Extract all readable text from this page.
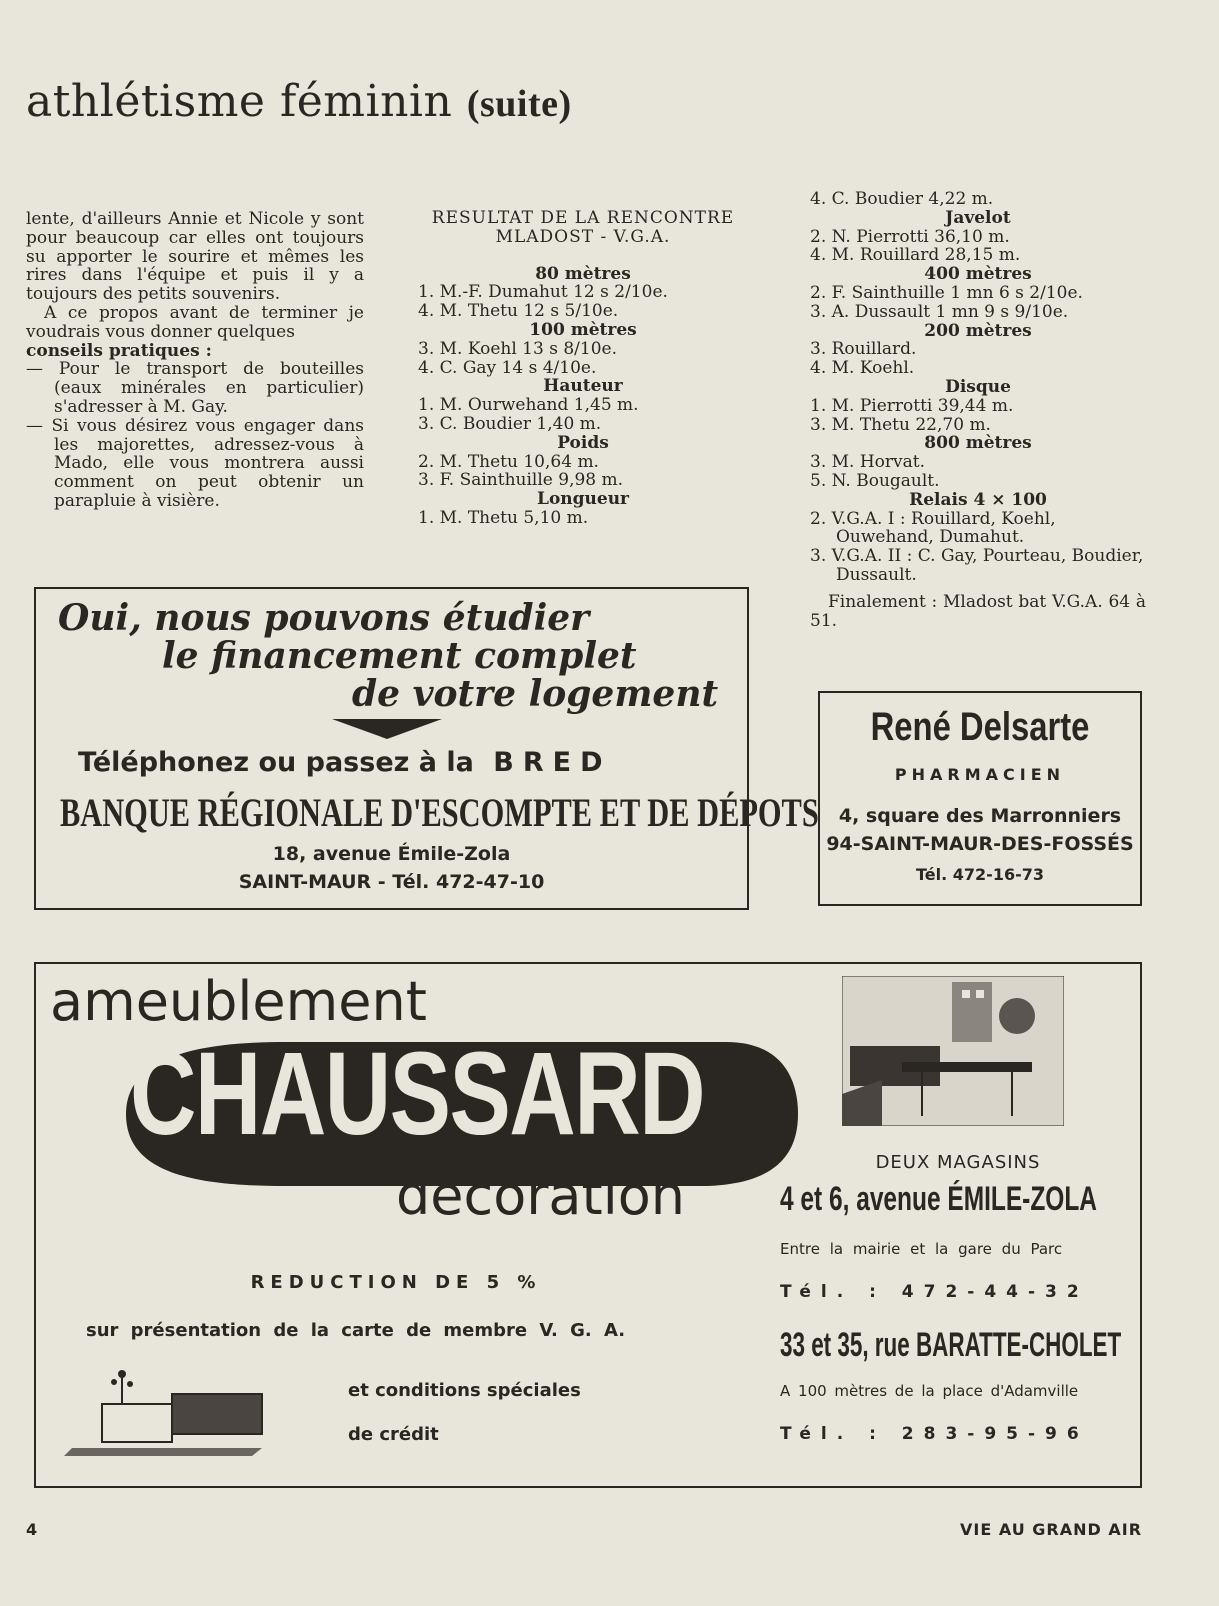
athlétisme féminin (suite)

lente, d'ailleurs Annie et Nicole y sont pour beaucoup car elles ont toujours su apporter le sourire et mêmes les rires dans l'équipe et puis il y a toujours des petits souvenirs.

A ce propos avant de terminer je voudrais vous donner quelques

conseils pratiques :

— Pour le transport de bouteilles (eaux minérales en particulier) s'adresser à M. Gay.

— Si vous désirez vous engager dans les majorettes, adressez-vous à Mado, elle vous montrera aussi comment on peut obtenir un parapluie à visière.

RESULTAT DE LA RENCONTRE
MLADOST - V.G.A.
80 mètres
1. M.-F. Dumahut 12 s 2/10e.
4. M. Thetu 12 s 5/10e.
100 mètres
3. M. Koehl 13 s 8/10e.
4. C. Gay 14 s 4/10e.
Hauteur
1. M. Ourwehand 1,45 m.
3. C. Boudier 1,40 m.
Poids
2. M. Thetu 10,64 m.
3. F. Sainthuille 9,98 m.
Longueur
1. M. Thetu 5,10 m.
4. C. Boudier 4,22 m.
Javelot
2. N. Pierrotti 36,10 m.
4. M. Rouillard 28,15 m.
400 mètres
2. F. Sainthuille 1 mn 6 s 2/10e.
3. A. Dussault 1 mn 9 s 9/10e.
200 mètres
3. Rouillard.
4. M. Koehl.
Disque
1. M. Pierrotti 39,44 m.
3. M. Thetu 22,70 m.
800 mètres
3. M. Horvat.
5. N. Bougault.
Relais 4 × 100
2. V.G.A. I : Rouillard, Koehl, Ouwehand, Dumahut.
3. V.G.A. II : C. Gay, Pourteau, Boudier, Dussault.
Finalement : Mladost bat V.G.A. 64 à 51.
Oui, nous pouvons étudier
le financement complet
de votre logement
Téléphonez ou passez à la BRED
BANQUE RÉGIONALE D'ESCOMPTE ET DE DÉPOTS
18, avenue Émile-Zola
SAINT-MAUR - Tél. 472-47-10
René Delsarte
PHARMACIEN
4, square des Marronniers
94-SAINT-MAUR-DES-FOSSÉS
Tél. 472-16-73
ameublement
CHAUSSARD
décoration
REDUCTION DE 5 %
sur présentation de la carte de membre V. G. A.
et conditions spéciales
de crédit
DEUX MAGASINS
4 et 6, avenue ÉMILE-ZOLA
Entre la mairie et la gare du Parc
Tél. : 472-44-32
33 et 35, rue BARATTE-CHOLET
A 100 mètres de la place d'Adamville
Tél. : 283-95-96
4	VIE AU GRAND AIR
